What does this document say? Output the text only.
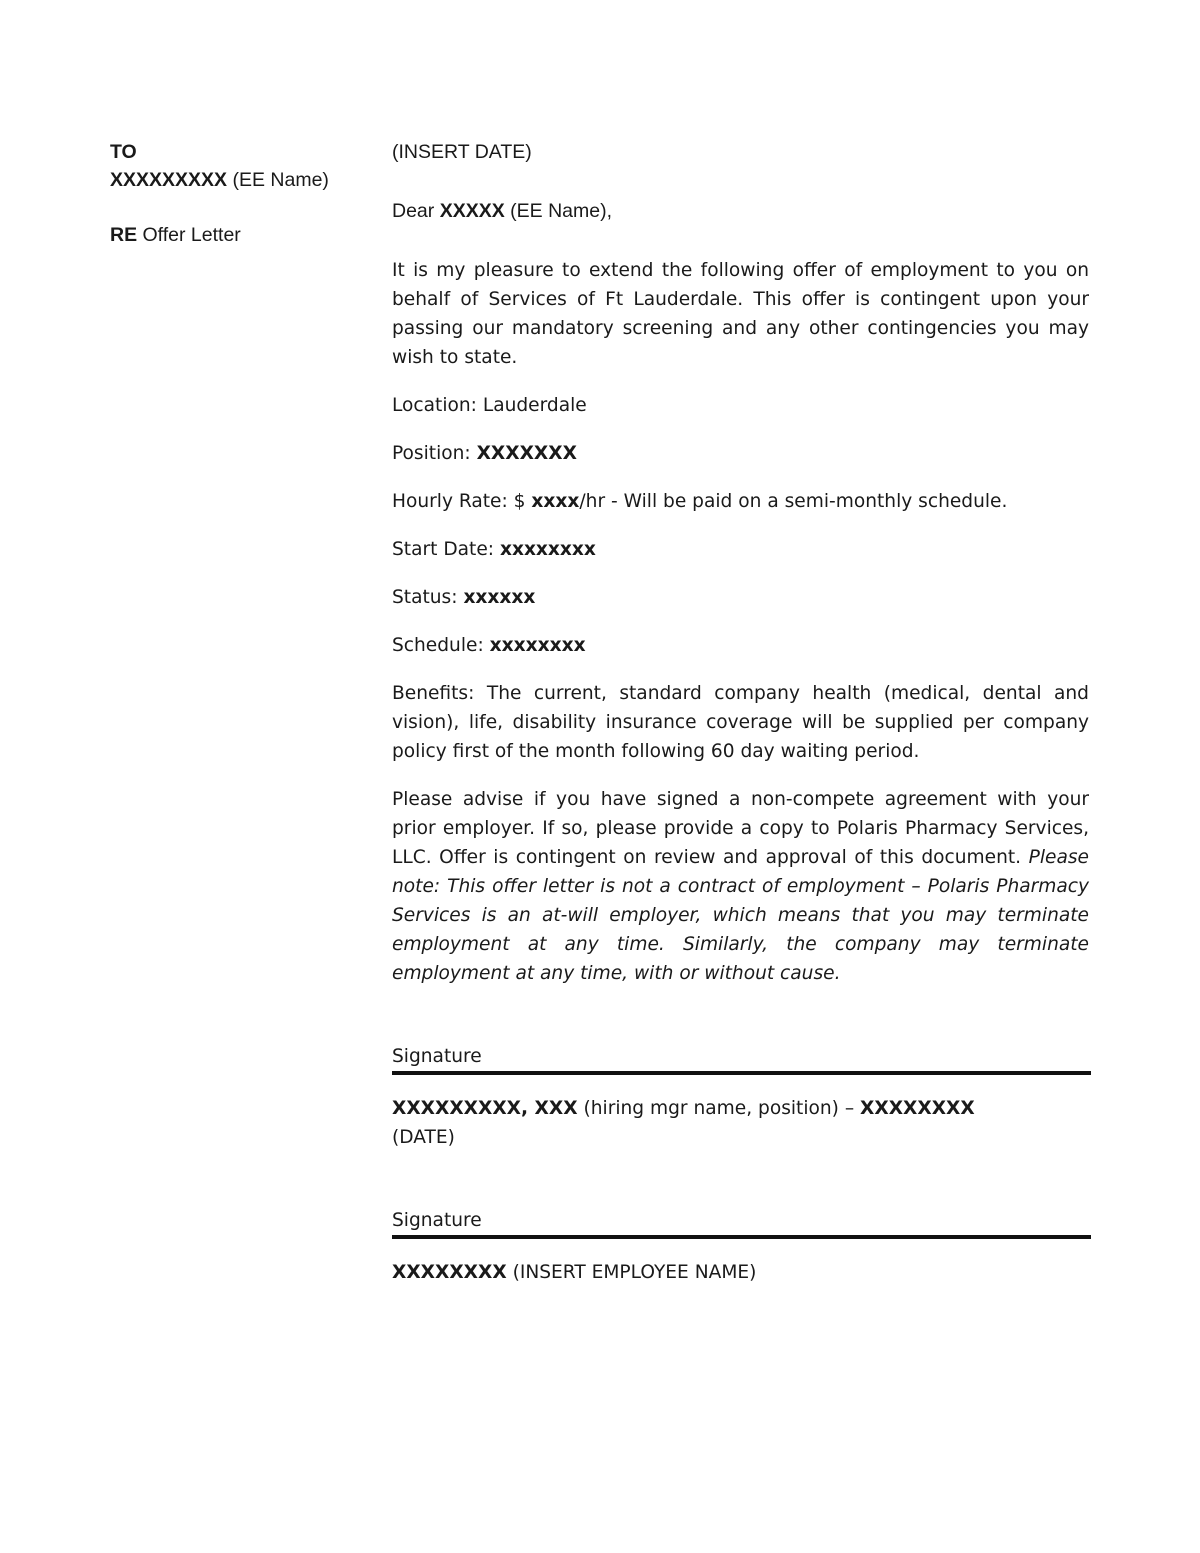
TO
XXXXXXXXX (EE Name)
RE Offer Letter

(INSERT DATE)

Dear XXXXX (EE Name),

It is my pleasure to extend the following offer of employment to you on behalf of Services of Ft Lauderdale. This offer is contingent upon your passing our mandatory screening and any other contingencies you may wish to state.

Location: Lauderdale

Position: XXXXXXX

Hourly Rate: $ xxxx/hr - Will be paid on a semi-monthly schedule.

Start Date: xxxxxxxx

Status: xxxxxx

Schedule: xxxxxxxx

Benefits: The current, standard company health (medical, dental and vision), life, disability insurance coverage will be supplied per company policy first of the month following 60 day waiting period.

Please advise if you have signed a non-compete agreement with your prior employer. If so, please provide a copy to Polaris Pharmacy Services, LLC. Offer is contingent on review and approval of this document. Please note: This offer letter is not a contract of employment – Polaris Pharmacy Services is an at-will employer, which means that you may terminate employment at any time. Similarly, the company may terminate employment at any time, with or without cause.

Signature

XXXXXXXXX, XXX (hiring mgr name, position) – XXXXXXXX
(DATE)

Signature

XXXXXXXX (INSERT EMPLOYEE NAME)
